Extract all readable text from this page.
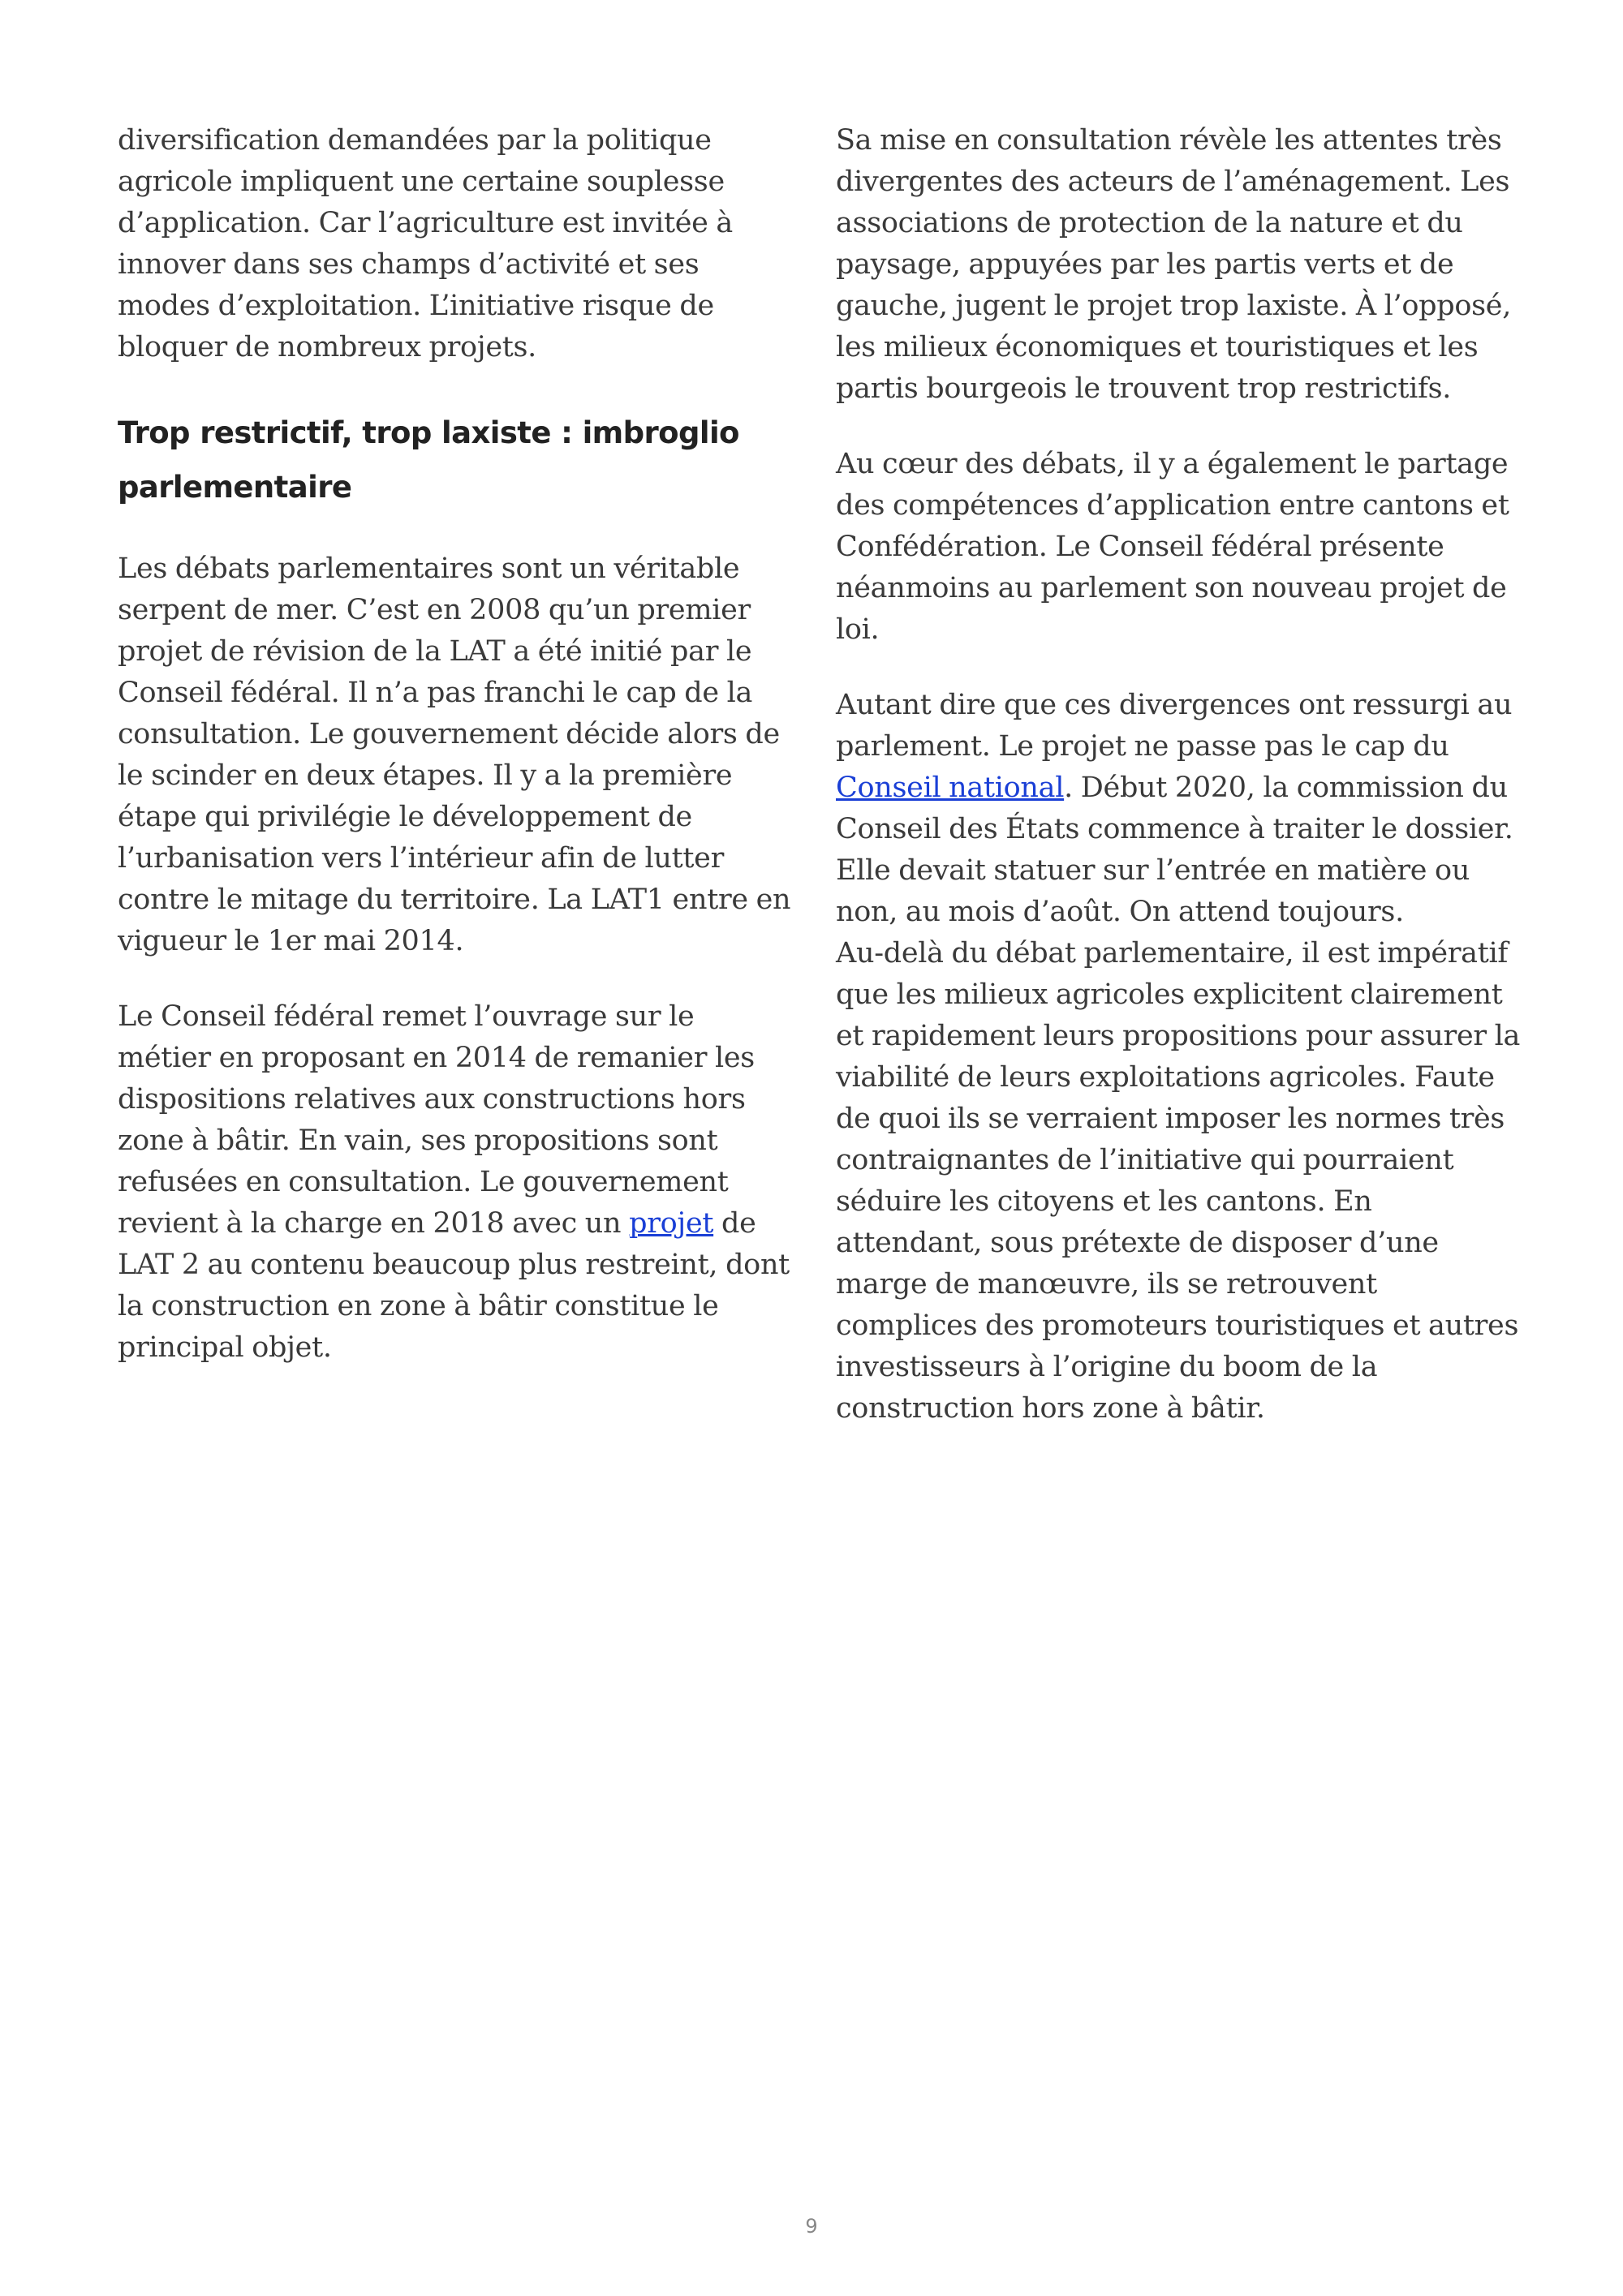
diversification demandées par la politique agricole impliquent une certaine souplesse d’application. Car l’agriculture est invitée à innover dans ses champs d’activité et ses modes d’exploitation. L’initiative risque de bloquer de nombreux projets.

Trop restrictif, trop laxiste : imbroglio parlementaire

Les débats parlementaires sont un véritable serpent de mer. C’est en 2008 qu’un premier projet de révision de la LAT a été initié par le Conseil fédéral. Il n’a pas franchi le cap de la consultation. Le gouvernement décide alors de le scinder en deux étapes. Il y a la première étape qui privilégie le développement de l’urbanisation vers l’intérieur afin de lutter contre le mitage du territoire. La LAT1 entre en vigueur le 1er mai 2014.

Le Conseil fédéral remet l’ouvrage sur le métier en proposant en 2014 de remanier les dispositions relatives aux constructions hors zone à bâtir. En vain, ses propositions sont refusées en consultation. Le gouvernement revient à la charge en 2018 avec un projet de LAT 2 au contenu beaucoup plus restreint, dont la construction en zone à bâtir constitue le principal objet.

Sa mise en consultation révèle les attentes très divergentes des acteurs de l’aménagement. Les associations de protection de la nature et du paysage, appuyées par les partis verts et de gauche, jugent le projet trop laxiste. À l’opposé, les milieux économiques et touristiques et les partis bourgeois le trouvent trop restrictifs.

Au cœur des débats, il y a également le partage des compétences d’application entre cantons et Confédération. Le Conseil fédéral présente néanmoins au parlement son nouveau projet de loi.

Autant dire que ces divergences ont ressurgi au parlement. Le projet ne passe pas le cap du Conseil national. Début 2020, la commission du Conseil des États commence à traiter le dossier. Elle devait statuer sur l’entrée en matière ou non, au mois d’août. On attend toujours.

Au-delà du débat parlementaire, il est impératif que les milieux agricoles explicitent clairement et rapidement leurs propositions pour assurer la viabilité de leurs exploitations agricoles. Faute de quoi ils se verraient imposer les normes très contraignantes de l’initiative qui pourraient séduire les citoyens et les cantons. En attendant, sous prétexte de disposer d’une marge de manœuvre, ils se retrouvent complices des promoteurs touristiques et autres investisseurs à l’origine du boom de la construction hors zone à bâtir.

9
